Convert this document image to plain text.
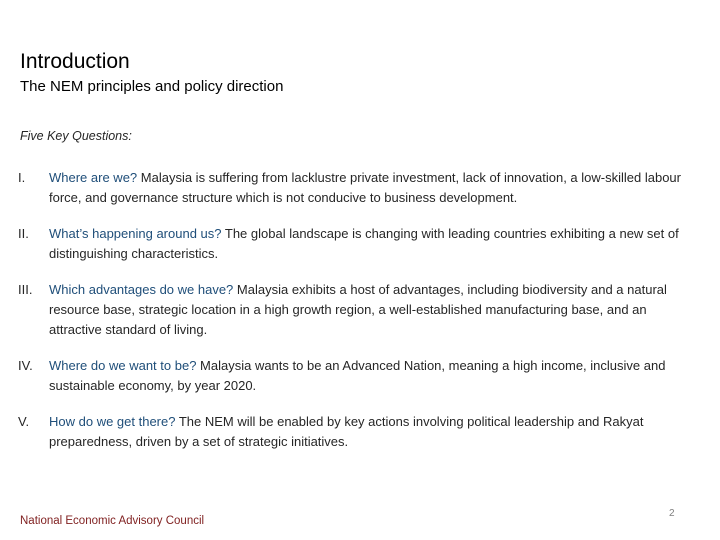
Introduction
The NEM principles and policy direction
Five Key Questions:
I. Where are we? Malaysia is suffering from lacklustre private investment, lack of innovation, a low-skilled labour force, and governance structure which is not conducive to business development.
II. What’s happening around us? The global landscape is changing with leading countries exhibiting a new set of distinguishing characteristics.
III. Which advantages do we have? Malaysia exhibits a host of advantages, including biodiversity and a natural resource base, strategic location in a high growth region, a well-established manufacturing base, and an attractive standard of living.
IV. Where do we want to be? Malaysia wants to be an Advanced Nation, meaning a high income, inclusive and sustainable economy, by year 2020.
V. How do we get there? The NEM will be enabled by key actions involving political leadership and Rakyat preparedness, driven by a set of strategic initiatives.
National Economic Advisory Council
2
